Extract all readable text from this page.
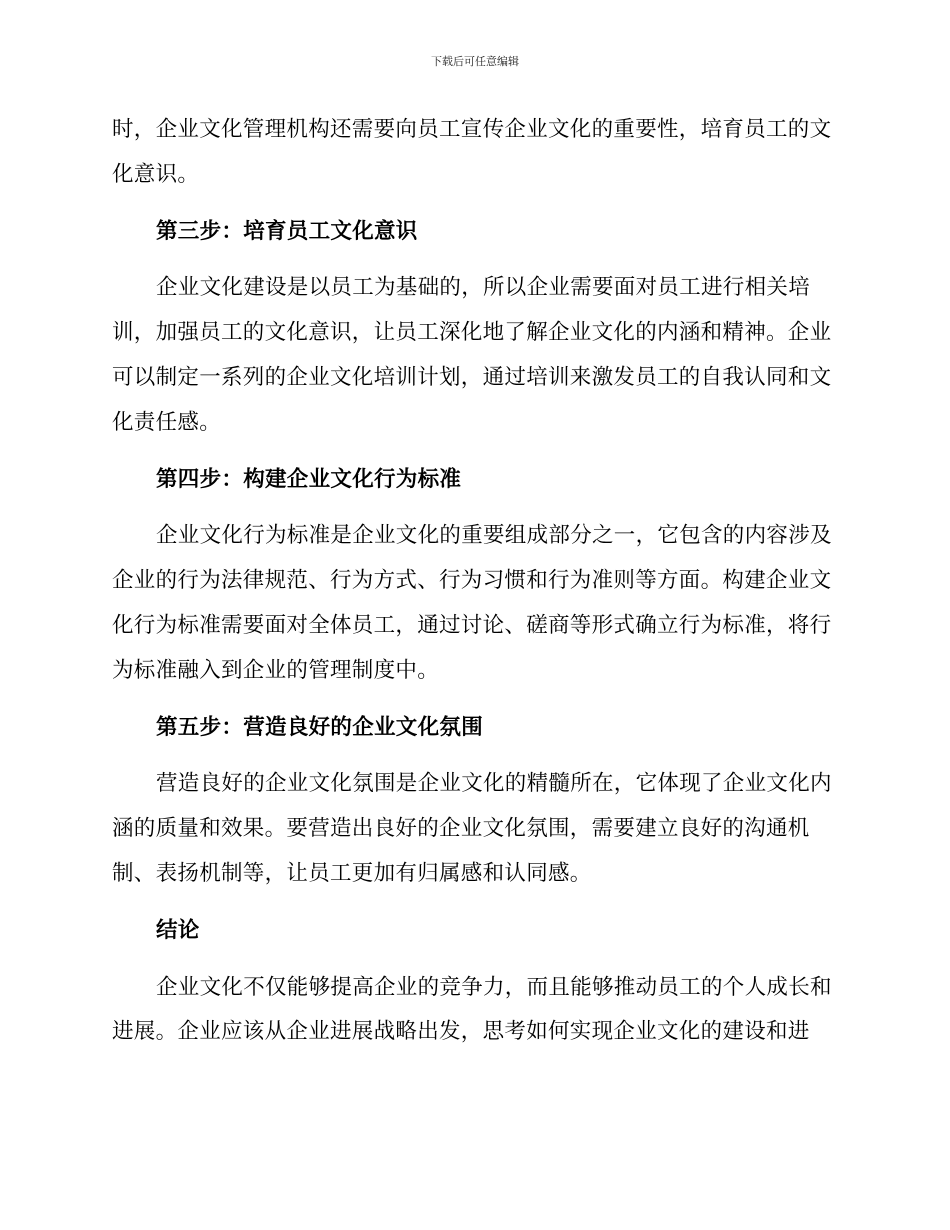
下载后可任意编辑

时，企业文化管理机构还需要向员工宣传企业文化的重要性，培育员工的文化意识。

第三步：培育员工文化意识

企业文化建设是以员工为基础的，所以企业需要面对员工进行相关培训，加强员工的文化意识，让员工深化地了解企业文化的内涵和精神。企业可以制定一系列的企业文化培训计划，通过培训来激发员工的自我认同和文化责任感。

第四步：构建企业文化行为标准

企业文化行为标准是企业文化的重要组成部分之一，它包含的内容涉及企业的行为法律规范、行为方式、行为习惯和行为准则等方面。构建企业文化行为标准需要面对全体员工，通过讨论、磋商等形式确立行为标准，将行为标准融入到企业的管理制度中。

第五步：营造良好的企业文化氛围

营造良好的企业文化氛围是企业文化的精髓所在，它体现了企业文化内涵的质量和效果。要营造出良好的企业文化氛围，需要建立良好的沟通机制、表扬机制等，让员工更加有归属感和认同感。

结论

企业文化不仅能够提高企业的竞争力，而且能够推动员工的个人成长和进展。企业应该从企业进展战略出发，思考如何实现企业文化的建设和进
